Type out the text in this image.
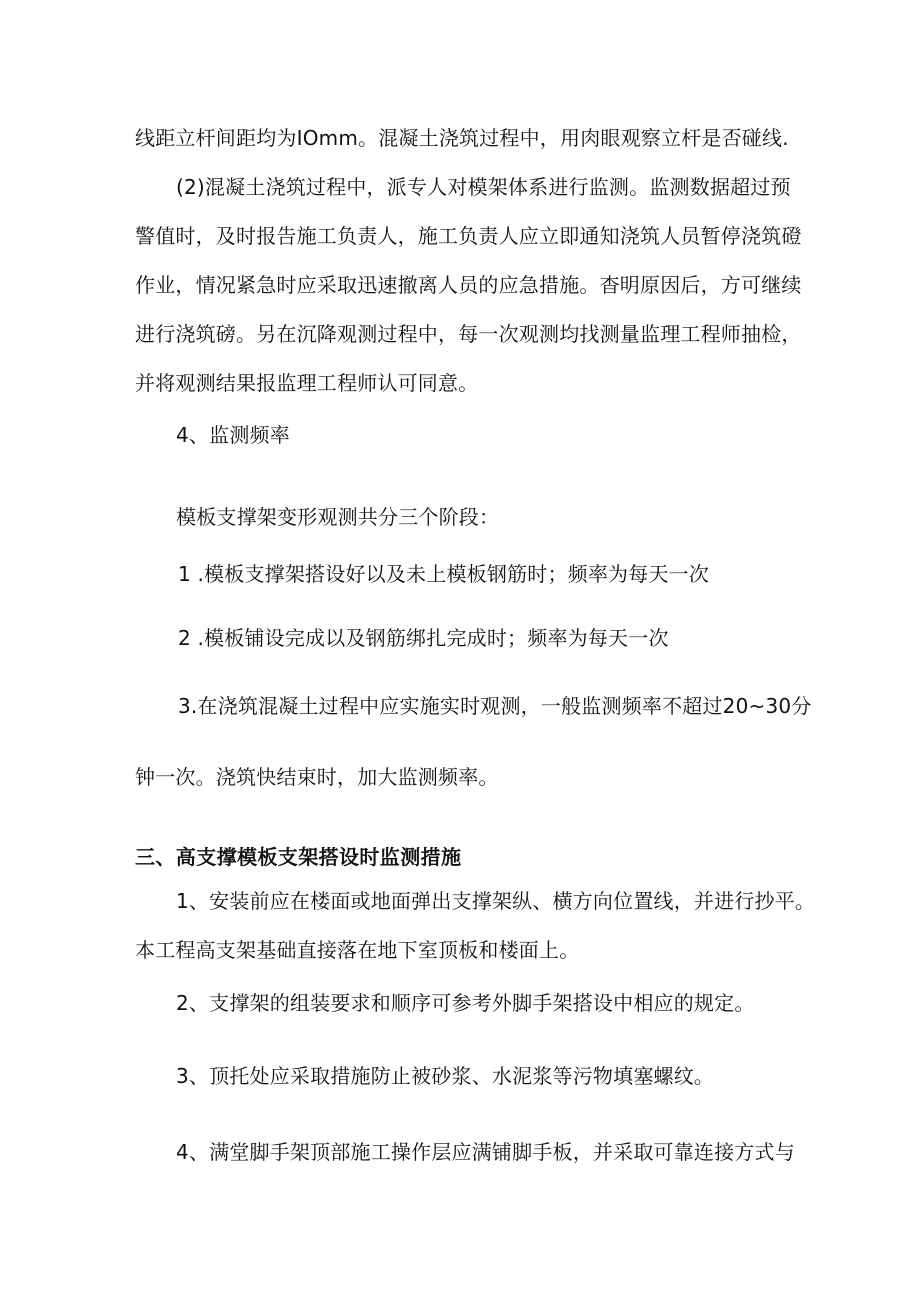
线距立杆间距均为IOmm。混凝土浇筑过程中，用肉眼观察立杆是否碰线.
(2)混凝土浇筑过程中，派专人对模架体系进行监测。监测数据超过预
警值时，及时报告施工负责人，施工负责人应立即通知浇筑人员暂停浇筑磴
作业，情况紧急时应采取迅速撤离人员的应急措施。杳明原因后，方可继续
进行浇筑磅。另在沉降观测过程中，每一次观测均找测量监理工程师抽检，
并将观测结果报监理工程师认可同意。
4、监测频率
模板支撑架变形观测共分三个阶段：
1 .模板支撑架搭设好以及未上模板钢筋时；频率为每天一次
2 .模板铺设完成以及钢筋绑扎完成时；频率为每天一次
3.在浇筑混凝土过程中应实施实时观测，一般监测频率不超过20~30分
钟一次。浇筑快结束时，加大监测频率。
三、高支撑模板支架搭设时监测措施
1、安装前应在楼面或地面弹出支撑架纵、横方向位置线，并进行抄平。
本工程高支架基础直接落在地下室顶板和楼面上。
2、支撑架的组装要求和顺序可参考外脚手架搭设中相应的规定。
3、顶托处应采取措施防止被砂浆、水泥浆等污物填塞螺纹。
4、满堂脚手架顶部施工操作层应满铺脚手板，并采取可靠连接方式与
